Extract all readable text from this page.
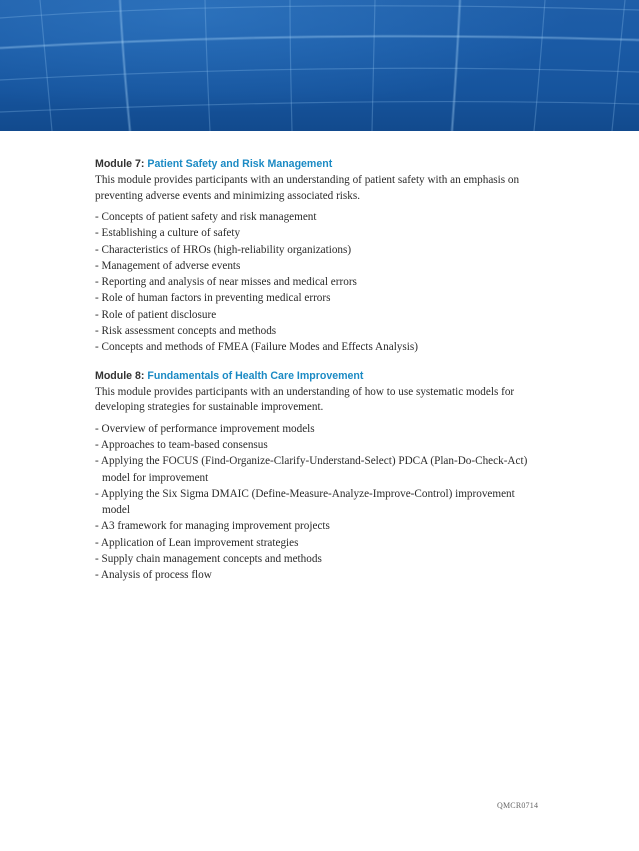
Module 7: Patient Safety and Risk Management

This module provides participants with an understanding of patient safety with an emphasis on preventing adverse events and minimizing associated risks.

- Concepts of patient safety and risk management
- Establishing a culture of safety
- Characteristics of HROs (high-reliability organizations)
- Management of adverse events
- Reporting and analysis of near misses and medical errors
- Role of human factors in preventing medical errors
- Role of patient disclosure
- Risk assessment concepts and methods
- Concepts and methods of FMEA (Failure Modes and Effects Analysis)

Module 8: Fundamentals of Health Care Improvement

This module provides participants with an understanding of how to use systematic models for developing strategies for sustainable improvement.

- Overview of performance improvement models
- Approaches to team-based consensus
- Applying the FOCUS (Find-Organize-Clarify-Understand-Select) PDCA (Plan-Do-Check-Act) model for improvement
- Applying the Six Sigma DMAIC (Define-Measure-Analyze-Improve-Control) improvement model
- A3 framework for managing improvement projects
- Application of Lean improvement strategies
- Supply chain management concepts and methods
- Analysis of process flow
QMCR0714
